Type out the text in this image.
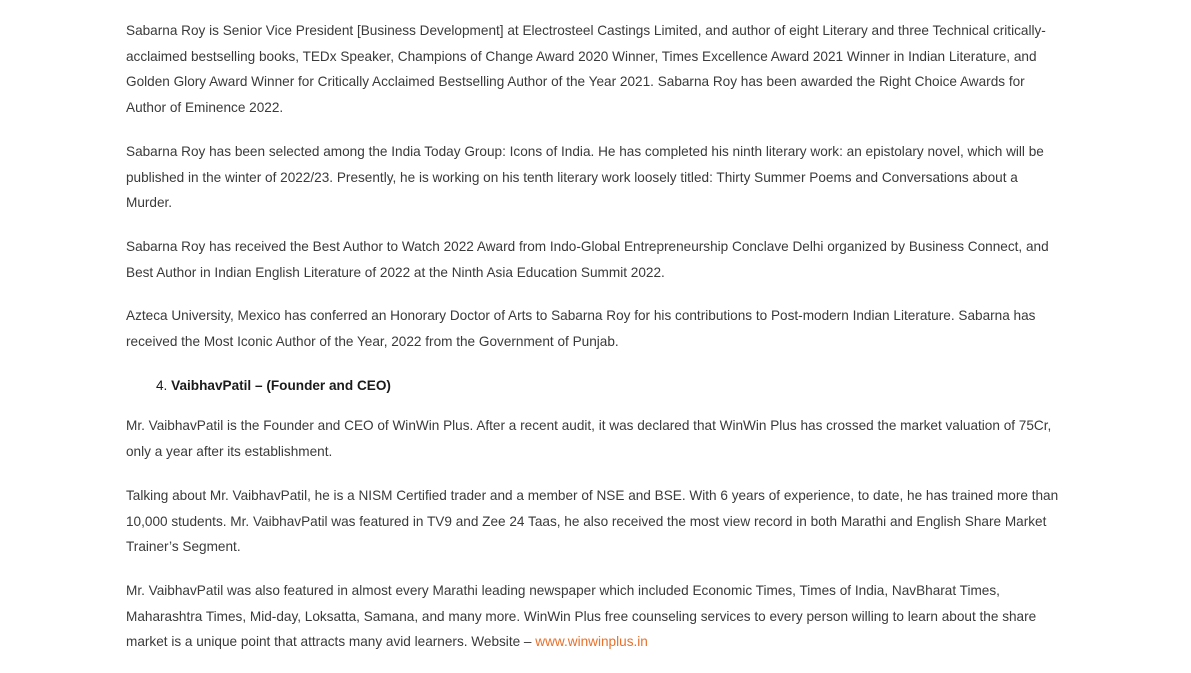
Sabarna Roy is Senior Vice President [Business Development] at Electrosteel Castings Limited, and author of eight Literary and three Technical critically-acclaimed bestselling books, TEDx Speaker, Champions of Change Award 2020 Winner, Times Excellence Award 2021 Winner in Indian Literature, and Golden Glory Award Winner for Critically Acclaimed Bestselling Author of the Year 2021. Sabarna Roy has been awarded the Right Choice Awards for Author of Eminence 2022.

Sabarna Roy has been selected among the India Today Group: Icons of India. He has completed his ninth literary work: an epistolary novel, which will be published in the winter of 2022/23. Presently, he is working on his tenth literary work loosely titled: Thirty Summer Poems and Conversations about a Murder.

Sabarna Roy has received the Best Author to Watch 2022 Award from Indo-Global Entrepreneurship Conclave Delhi organized by Business Connect, and Best Author in Indian English Literature of 2022 at the Ninth Asia Education Summit 2022.

Azteca University, Mexico has conferred an Honorary Doctor of Arts to Sabarna Roy for his contributions to Post-modern Indian Literature. Sabarna has received the Most Iconic Author of the Year, 2022 from the Government of Punjab.

4. VaibhavPatil – (Founder and CEO)

Mr. VaibhavPatil is the Founder and CEO of WinWin Plus. After a recent audit, it was declared that WinWin Plus has crossed the market valuation of 75Cr, only a year after its establishment.

Talking about Mr. VaibhavPatil, he is a NISM Certified trader and a member of NSE and BSE. With 6 years of experience, to date, he has trained more than 10,000 students. Mr. VaibhavPatil was featured in TV9 and Zee 24 Taas, he also received the most view record in both Marathi and English Share Market Trainer’s Segment.

Mr. VaibhavPatil was also featured in almost every Marathi leading newspaper which included Economic Times, Times of India, NavBharat Times, Maharashtra Times, Mid-day, Loksatta, Samana, and many more. WinWin Plus free counseling services to every person willing to learn about the share market is a unique point that attracts many avid learners. Website – www.winwinplus.in
